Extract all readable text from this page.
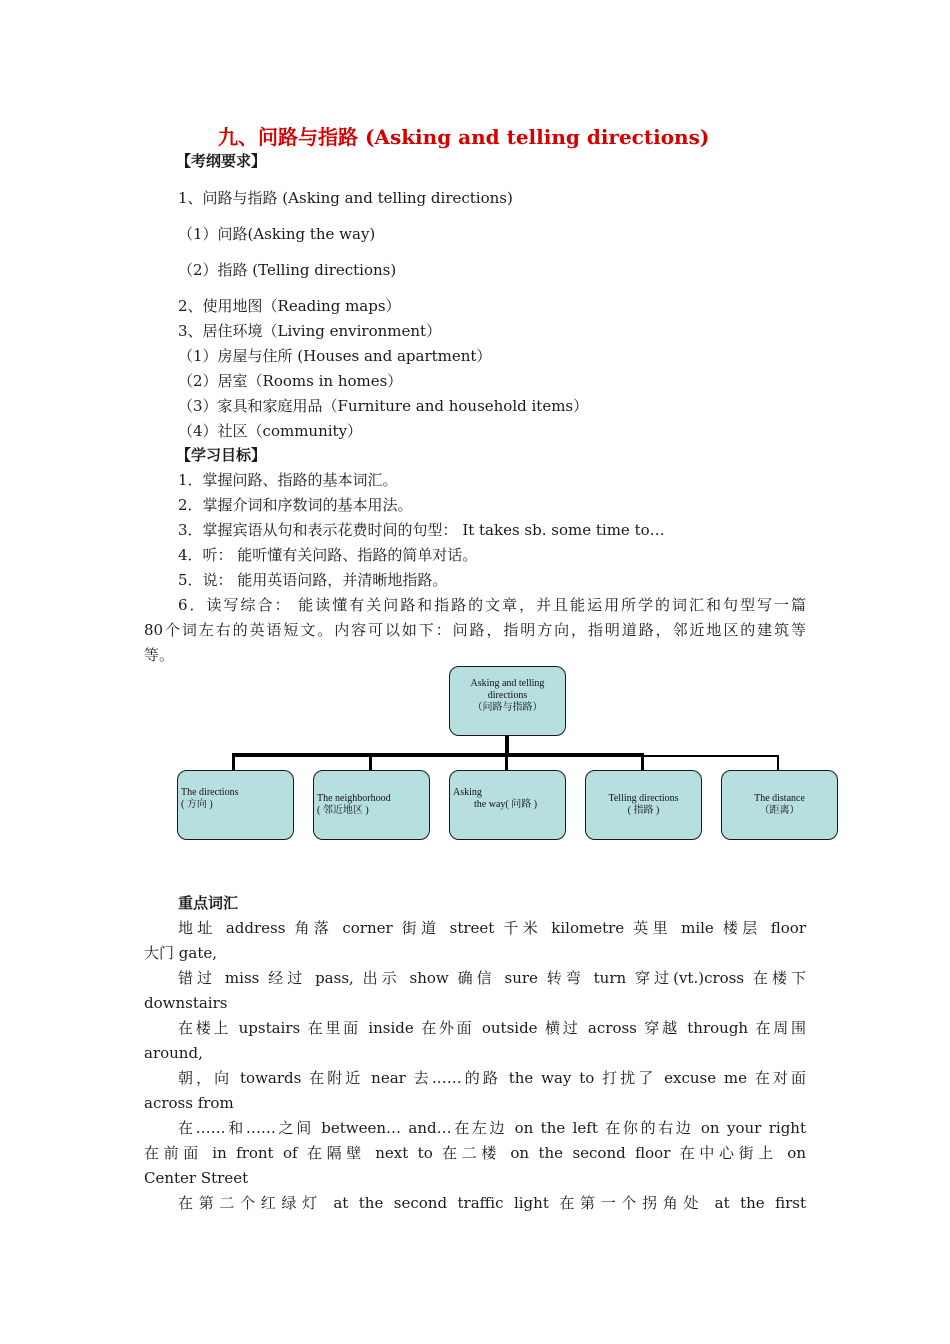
九、问路与指路 (Asking and telling directions)
【考纲要求】
1、问路与指路 (Asking and telling directions)
（1）问路(Asking the way)
（2）指路 (Telling directions)
2、使用地图（Reading maps）
3、居住环境（Living environment）
（1）房屋与住所 (Houses and apartment）
（2）居室（Rooms in homes）
（3）家具和家庭用品（Furniture and household items）
（4）社区（community）
【学习目标】
1．掌握问路、指路的基本词汇。
2．掌握介词和序数词的基本用法。
3．掌握宾语从句和表示花费时间的句型： It takes sb. some time to…
4．听： 能听懂有关问路、指路的简单对话。
5．说： 能用英语问路，并清晰地指路。
6．读写综合： 能读懂有关问路和指路的文章，并且能运用所学的词汇和句型写一篇
80个词左右的英语短文。内容可以如下：问路，指明方向，指明道路，邻近地区的建筑等
等。
Asking and telling
directions
（问路与指路）
The directions
( 方向 )
The neighborhood
( 邻近地区 )
Asking
the way( 问路 )
Telling directions
( 指路 )
The distance
（距离）
重点词汇
地址 address 角落 corner 街道 street 千米 kilometre 英里 mile 楼层 floor
大门 gate,
错过 miss 经过 pass, 出示 show 确信 sure 转弯 turn 穿过(vt.)cross 在楼下
downstairs
在楼上 upstairs 在里面 inside 在外面 outside 横过 across 穿越 through 在周围
around,
朝，向 towards 在附近 near 去……的路 the way to 打扰了 excuse me 在对面
across from
在……和……之间 between… and…在左边 on the left 在你的右边 on your right
在前面 in front of 在隔壁 next to 在二楼 on the second floor 在中心街上 on
Center Street
在第二个红绿灯 at the second traffic light 在第一个拐角处 at the first
